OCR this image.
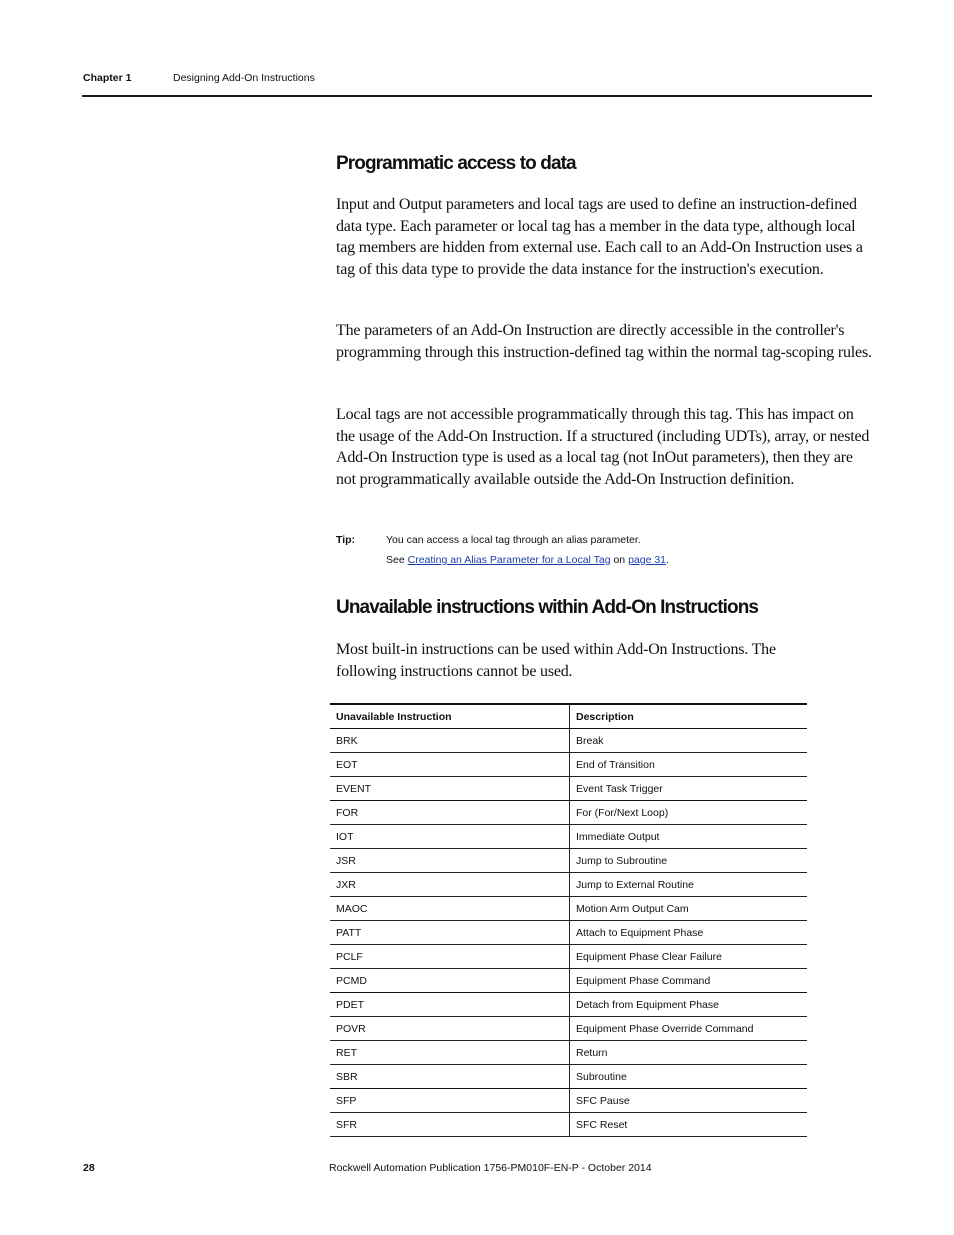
Chapter 1	Designing Add-On Instructions
Programmatic access to data

Input and Output parameters and local tags are used to define an instruction-defined data type. Each parameter or local tag has a member in the data type, although local tag members are hidden from external use. Each call to an Add-On Instruction uses a tag of this data type to provide the data instance for the instruction's execution.

The parameters of an Add-On Instruction are directly accessible in the controller's programming through this instruction-defined tag within the normal tag-scoping rules.

Local tags are not accessible programmatically through this tag. This has impact on the usage of the Add-On Instruction. If a structured (including UDTs), array, or nested Add-On Instruction type is used as a local tag (not InOut parameters), then they are not programmatically available outside the Add-On Instruction definition.

Tip:	You can access a local tag through an alias parameter.
See Creating an Alias Parameter for a Local Tag on page 31.
Unavailable instructions within Add-On Instructions

Most built-in instructions can be used within Add-On Instructions. The following instructions cannot be used.

Unavailable Instruction	Description
BRK	Break
EOT	End of Transition
EVENT	Event Task Trigger
FOR	For (For/Next Loop)
IOT	Immediate Output
JSR	Jump to Subroutine
JXR	Jump to External Routine
MAOC	Motion Arm Output Cam
PATT	Attach to Equipment Phase
PCLF	Equipment Phase Clear Failure
PCMD	Equipment Phase Command
PDET	Detach from Equipment Phase
POVR	Equipment Phase Override Command
RET	Return
SBR	Subroutine
SFP	SFC Pause
SFR	SFC Reset
28	Rockwell Automation Publication 1756-PM010F-EN-P - October 2014
